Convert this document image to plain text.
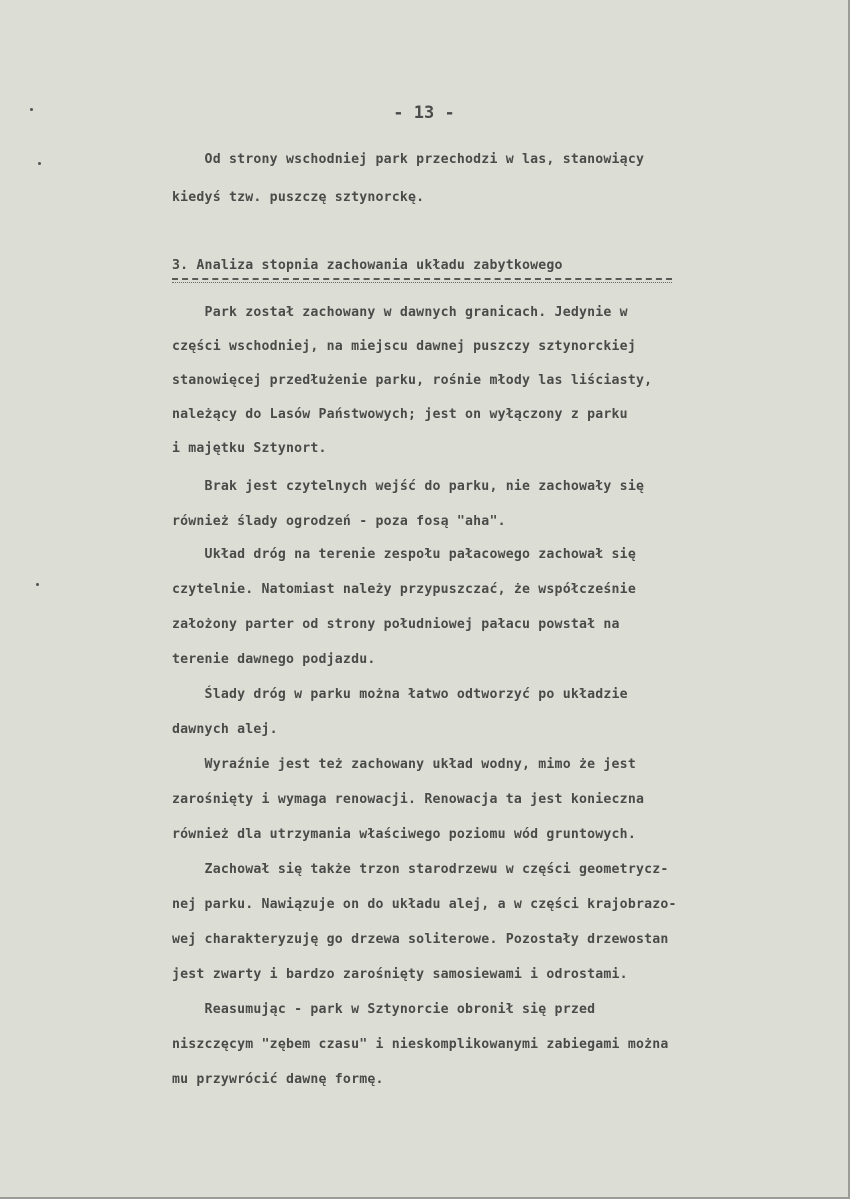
- 13 -

Od strony wschodniej park przechodzi w las, stanowiący

kiedyś tzw. puszczę sztynorckę.

3. Analiza stopnia zachowania układu zabytkowego

Park został zachowany w dawnych granicach. Jedynie w

części wschodniej, na miejscu dawnej puszczy sztynorckiej

stanowięcej przedłużenie parku, rośnie młody las liściasty,

należący do Lasów Państwowych; jest on wyłączony z parku

i majętku Sztynort.

Brak jest czytelnych wejść do parku, nie zachowały się

również ślady ogrodzeń - poza fosą "aha".

Układ dróg na terenie zespołu pałacowego zachował się

czytelnie. Natomiast należy przypuszczać, że współcześnie

założony parter od strony południowej pałacu powstał na

terenie dawnego podjazdu.

Ślady dróg w parku można łatwo odtworzyć po układzie

dawnych alej.

Wyraźnie jest też zachowany układ wodny, mimo że jest

zarośnięty i wymaga renowacji. Renowacja ta jest konieczna

również dla utrzymania właściwego poziomu wód gruntowych.

Zachował się także trzon starodrzewu w części geometrycz-

nej parku. Nawiązuje on do układu alej, a w części krajobrazo-

wej charakteryzuję go drzewa soliterowe. Pozostały drzewostan

jest zwarty i bardzo zarośnięty samosiewami i odrostami.

Reasumując - park w Sztynorcie obronił się przed

niszczęcym "zębem czasu" i nieskomplikowanymi zabiegami można

mu przywrócić dawnę formę.
